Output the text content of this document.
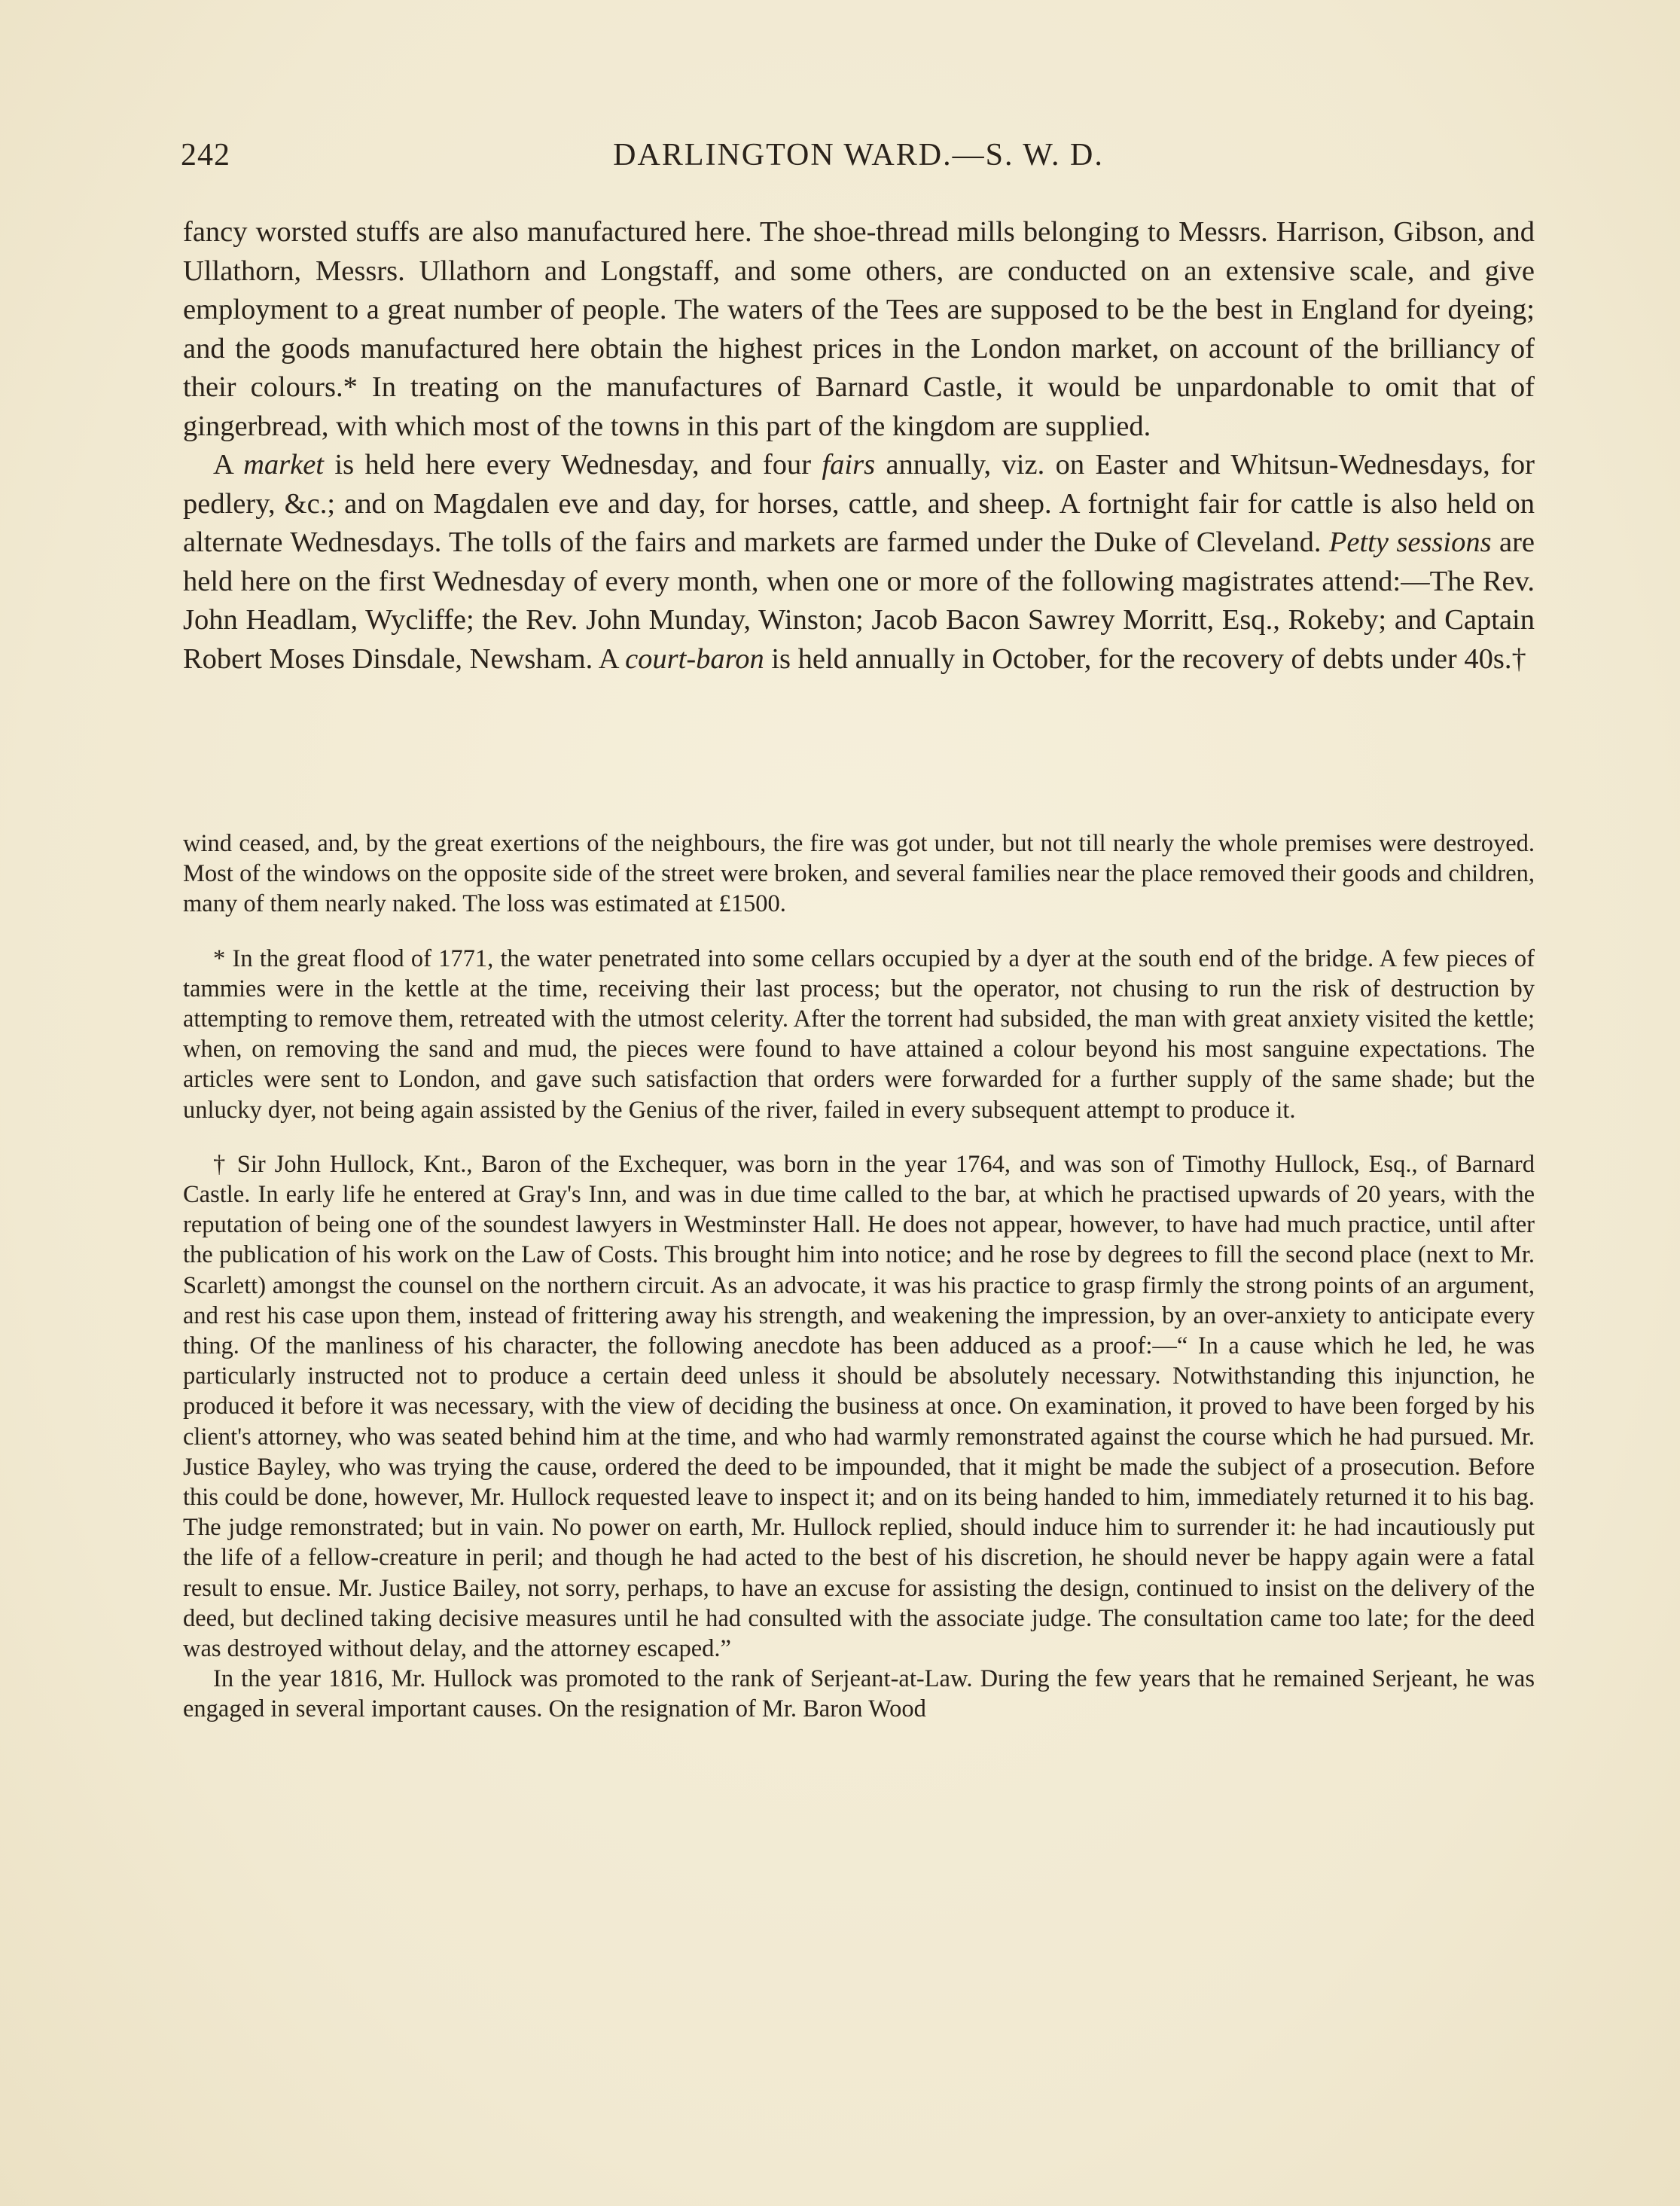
242	DARLINGTON WARD.—S. W. D.

fancy worsted stuffs are also manufactured here. The shoe-thread mills belonging to Messrs. Harrison, Gibson, and Ullathorn, Messrs. Ullathorn and Longstaff, and some others, are conducted on an extensive scale, and give employment to a great number of people. The waters of the Tees are supposed to be the best in England for dyeing; and the goods manufactured here obtain the highest prices in the London market, on account of the brilliancy of their colours.* In treating on the manufactures of Barnard Castle, it would be unpardonable to omit that of gingerbread, with which most of the towns in this part of the kingdom are supplied.

A market is held here every Wednesday, and four fairs annually, viz. on Easter and Whitsun-Wednesdays, for pedlery, &c.; and on Magdalen eve and day, for horses, cattle, and sheep. A fortnight fair for cattle is also held on alternate Wednesdays. The tolls of the fairs and markets are farmed under the Duke of Cleveland. Petty sessions are held here on the first Wednesday of every month, when one or more of the following magistrates attend:—The Rev. John Headlam, Wycliffe; the Rev. John Munday, Winston; Jacob Bacon Sawrey Morritt, Esq., Rokeby; and Captain Robert Moses Dinsdale, Newsham. A court-baron is held annually in October, for the recovery of debts under 40s.†

wind ceased, and, by the great exertions of the neighbours, the fire was got under, but not till nearly the whole premises were destroyed. Most of the windows on the opposite side of the street were broken, and several families near the place removed their goods and children, many of them nearly naked. The loss was estimated at £1500.

* In the great flood of 1771, the water penetrated into some cellars occupied by a dyer at the south end of the bridge. A few pieces of tammies were in the kettle at the time, receiving their last process; but the operator, not chusing to run the risk of destruction by attempting to remove them, retreated with the utmost celerity. After the torrent had subsided, the man with great anxiety visited the kettle; when, on removing the sand and mud, the pieces were found to have attained a colour beyond his most sanguine expectations. The articles were sent to London, and gave such satisfaction that orders were forwarded for a further supply of the same shade; but the unlucky dyer, not being again assisted by the Genius of the river, failed in every subsequent attempt to produce it.

† Sir John Hullock, Knt., Baron of the Exchequer, was born in the year 1764, and was son of Timothy Hullock, Esq., of Barnard Castle. In early life he entered at Gray's Inn, and was in due time called to the bar, at which he practised upwards of 20 years, with the reputation of being one of the soundest lawyers in Westminster Hall. He does not appear, however, to have had much practice, until after the publication of his work on the Law of Costs. This brought him into notice; and he rose by degrees to fill the second place (next to Mr. Scarlett) amongst the counsel on the northern circuit. As an advocate, it was his practice to grasp firmly the strong points of an argument, and rest his case upon them, instead of frittering away his strength, and weakening the impression, by an over-anxiety to anticipate every thing. Of the manliness of his character, the following anecdote has been adduced as a proof:—“ In a cause which he led, he was particularly instructed not to produce a certain deed unless it should be absolutely necessary. Notwithstanding this injunction, he produced it before it was necessary, with the view of deciding the business at once. On examination, it proved to have been forged by his client's attorney, who was seated behind him at the time, and who had warmly remonstrated against the course which he had pursued. Mr. Justice Bayley, who was trying the cause, ordered the deed to be impounded, that it might be made the subject of a prosecution. Before this could be done, however, Mr. Hullock requested leave to inspect it; and on its being handed to him, immediately returned it to his bag. The judge remonstrated; but in vain. No power on earth, Mr. Hullock replied, should induce him to surrender it: he had incautiously put the life of a fellow-creature in peril; and though he had acted to the best of his discretion, he should never be happy again were a fatal result to ensue. Mr. Justice Bailey, not sorry, perhaps, to have an excuse for assisting the design, continued to insist on the delivery of the deed, but declined taking decisive measures until he had consulted with the associate judge. The consultation came too late; for the deed was destroyed without delay, and the attorney escaped.”

In the year 1816, Mr. Hullock was promoted to the rank of Serjeant-at-Law. During the few years that he remained Serjeant, he was engaged in several important causes. On the resignation of Mr. Baron Wood
